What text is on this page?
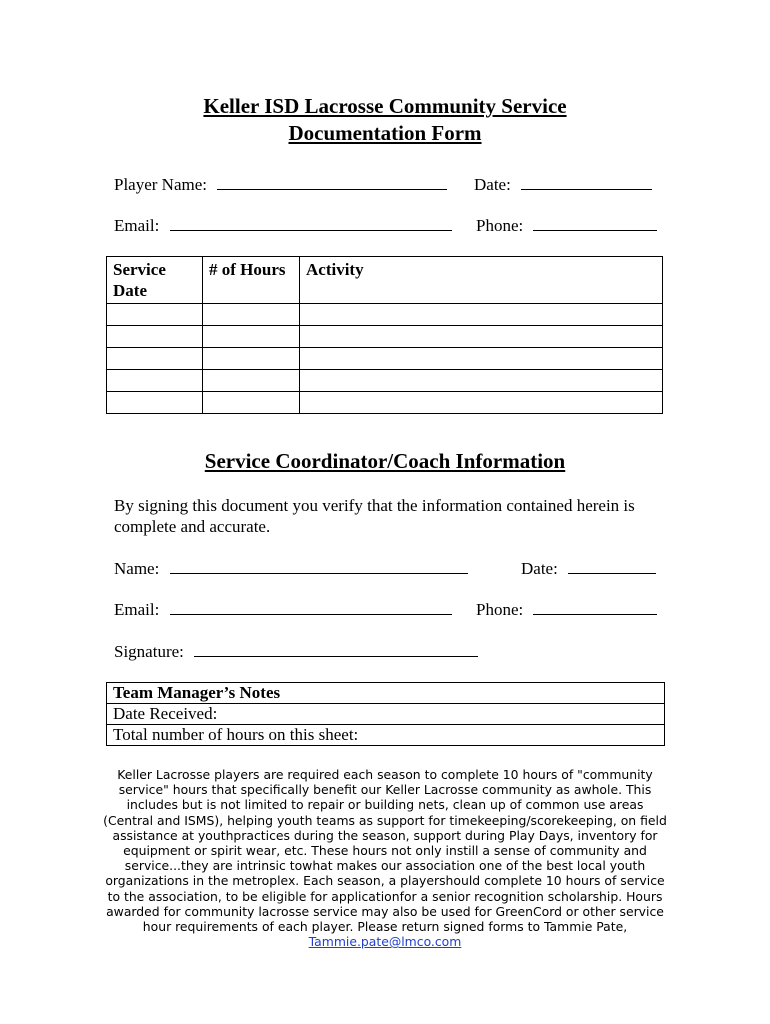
Keller ISD Lacrosse Community Service
Documentation Form
Player Name:	Date:
Email:	Phone:
Service Date	# of Hours	Activity

Service Coordinator/Coach Information
By signing this document you verify that the information contained herein is complete and accurate.
Name:	Date:
Email:	Phone:
Signature:
Team Manager’s Notes
Date Received:
Total number of hours on this sheet:
Keller Lacrosse players are required each season to complete 10 hours of "community service" hours that specifically benefit our Keller Lacrosse community as awhole. This includes but is not limited to repair or building nets, clean up of common use areas (Central and ISMS), helping youth teams as support for timekeeping/scorekeeping, on field assistance at youthpractices during the season, support during Play Days, inventory for equipment or spirit wear, etc. These hours not only instill a sense of community and service...they are intrinsic towhat makes our association one of the best local youth organizations in the metroplex. Each season, a playershould complete 10 hours of service to the association, to be eligible for applicationfor a senior recognition scholarship. Hours awarded for community lacrosse service may also be used for GreenCord or other service hour requirements of each player. Please return signed forms to Tammie Pate, Tammie.pate@lmco.com
